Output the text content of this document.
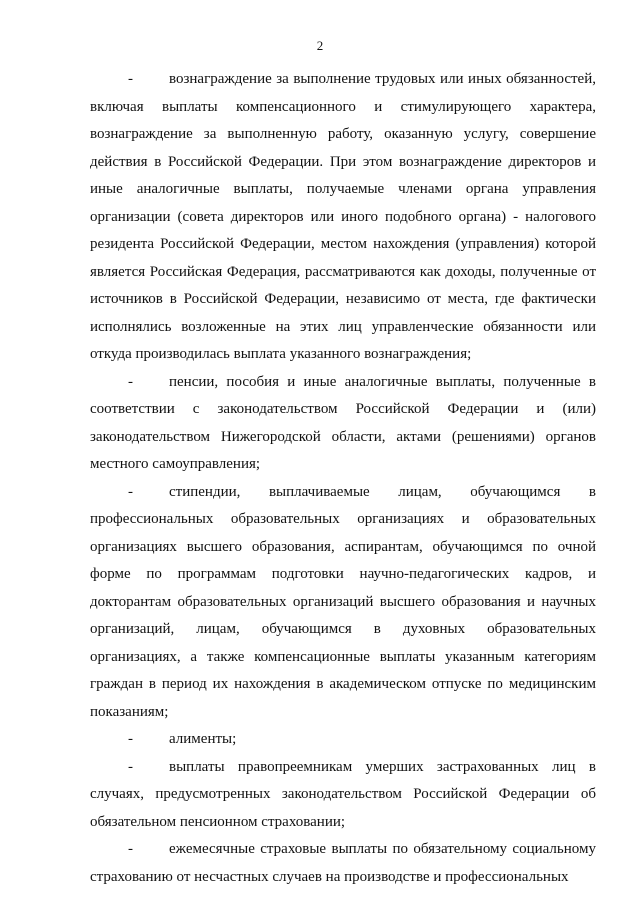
2

- вознаграждение за выполнение трудовых или иных обязанностей, включая выплаты компенсационного и стимулирующего характера, вознаграждение за выполненную работу, оказанную услугу, совершение действия в Российской Федерации. При этом вознаграждение директоров и иные аналогичные выплаты, получаемые членами органа управления организации (совета директоров или иного подобного органа) - налогового резидента Российской Федерации, местом нахождения (управления) которой является Российская Федерация, рассматриваются как доходы, полученные от источников в Российской Федерации, независимо от места, где фактически исполнялись возложенные на этих лиц управленческие обязанности или откуда производилась выплата указанного вознаграждения;

- пенсии, пособия и иные аналогичные выплаты, полученные в соответствии с законодательством Российской Федерации и (или) законодательством Нижегородской области, актами (решениями) органов местного самоуправления;

- стипендии, выплачиваемые лицам, обучающимся в профессиональных образовательных организациях и образовательных организациях высшего образования, аспирантам, обучающимся по очной форме по программам подготовки научно-педагогических кадров, и докторантам образовательных организаций высшего образования и научных организаций, лицам, обучающимся в духовных образовательных организациях, а также компенсационные выплаты указанным категориям граждан в период их нахождения в академическом отпуске по медицинским показаниям;

- алименты;

- выплаты правопреемникам умерших застрахованных лиц в случаях, предусмотренных законодательством Российской Федерации об обязательном пенсионном страховании;

- ежемесячные страховые выплаты по обязательному социальному страхованию от несчастных случаев на производстве и профессиональных
